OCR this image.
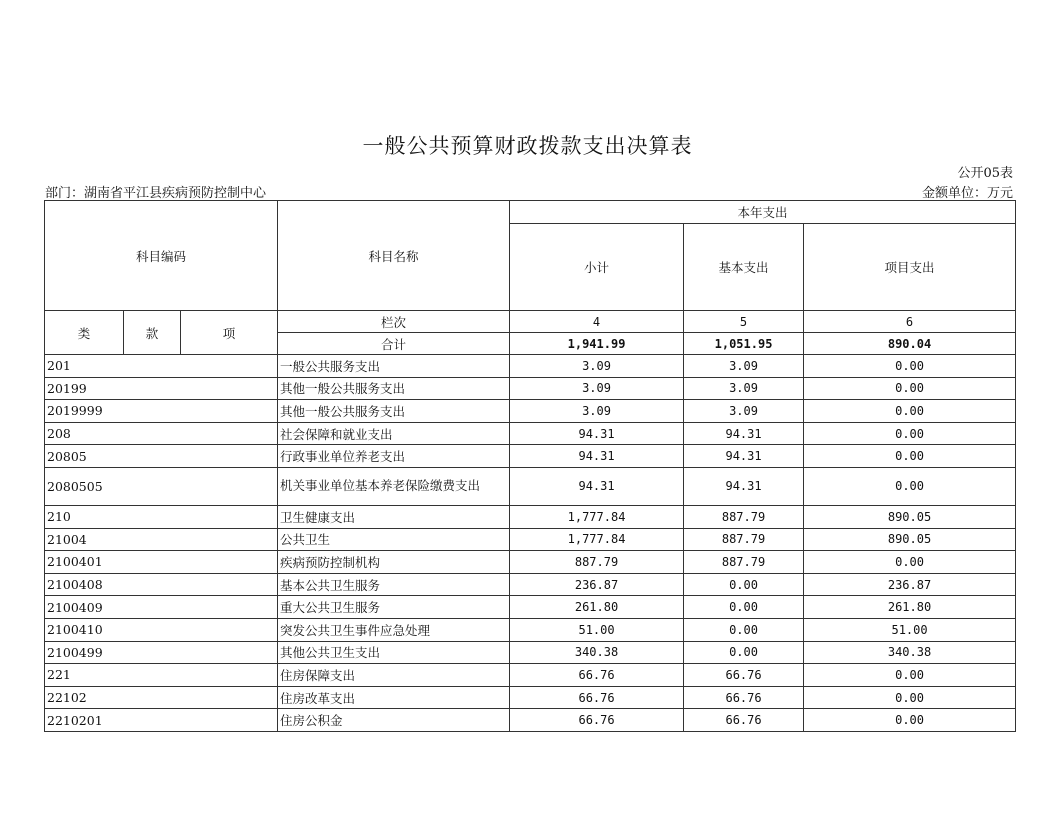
一般公共预算财政拨款支出决算表
公开05表
部门：湖南省平江县疾病预防控制中心	金额单位：万元
科目编码			科目名称	本年支出		
				小计	基本支出	项目支出
类	款	项	栏次	4	5	6
			合计	1,941.99	1,051.95	890.04
201			一般公共服务支出	3.09	3.09	0.00
20199			其他一般公共服务支出	3.09	3.09	0.00
2019999			其他一般公共服务支出	3.09	3.09	0.00
208			社会保障和就业支出	94.31	94.31	0.00
20805			行政事业单位养老支出	94.31	94.31	0.00
2080505			机关事业单位基本养老保险缴费支出	94.31	94.31	0.00
210			卫生健康支出	1,777.84	887.79	890.05
21004			公共卫生	1,777.84	887.79	890.05
2100401			疾病预防控制机构	887.79	887.79	0.00
2100408			基本公共卫生服务	236.87	0.00	236.87
2100409			重大公共卫生服务	261.80	0.00	261.80
2100410			突发公共卫生事件应急处理	51.00	0.00	51.00
2100499			其他公共卫生支出	340.38	0.00	340.38
221			住房保障支出	66.76	66.76	0.00
22102			住房改革支出	66.76	66.76	0.00
2210201			住房公积金	66.76	66.76	0.00
